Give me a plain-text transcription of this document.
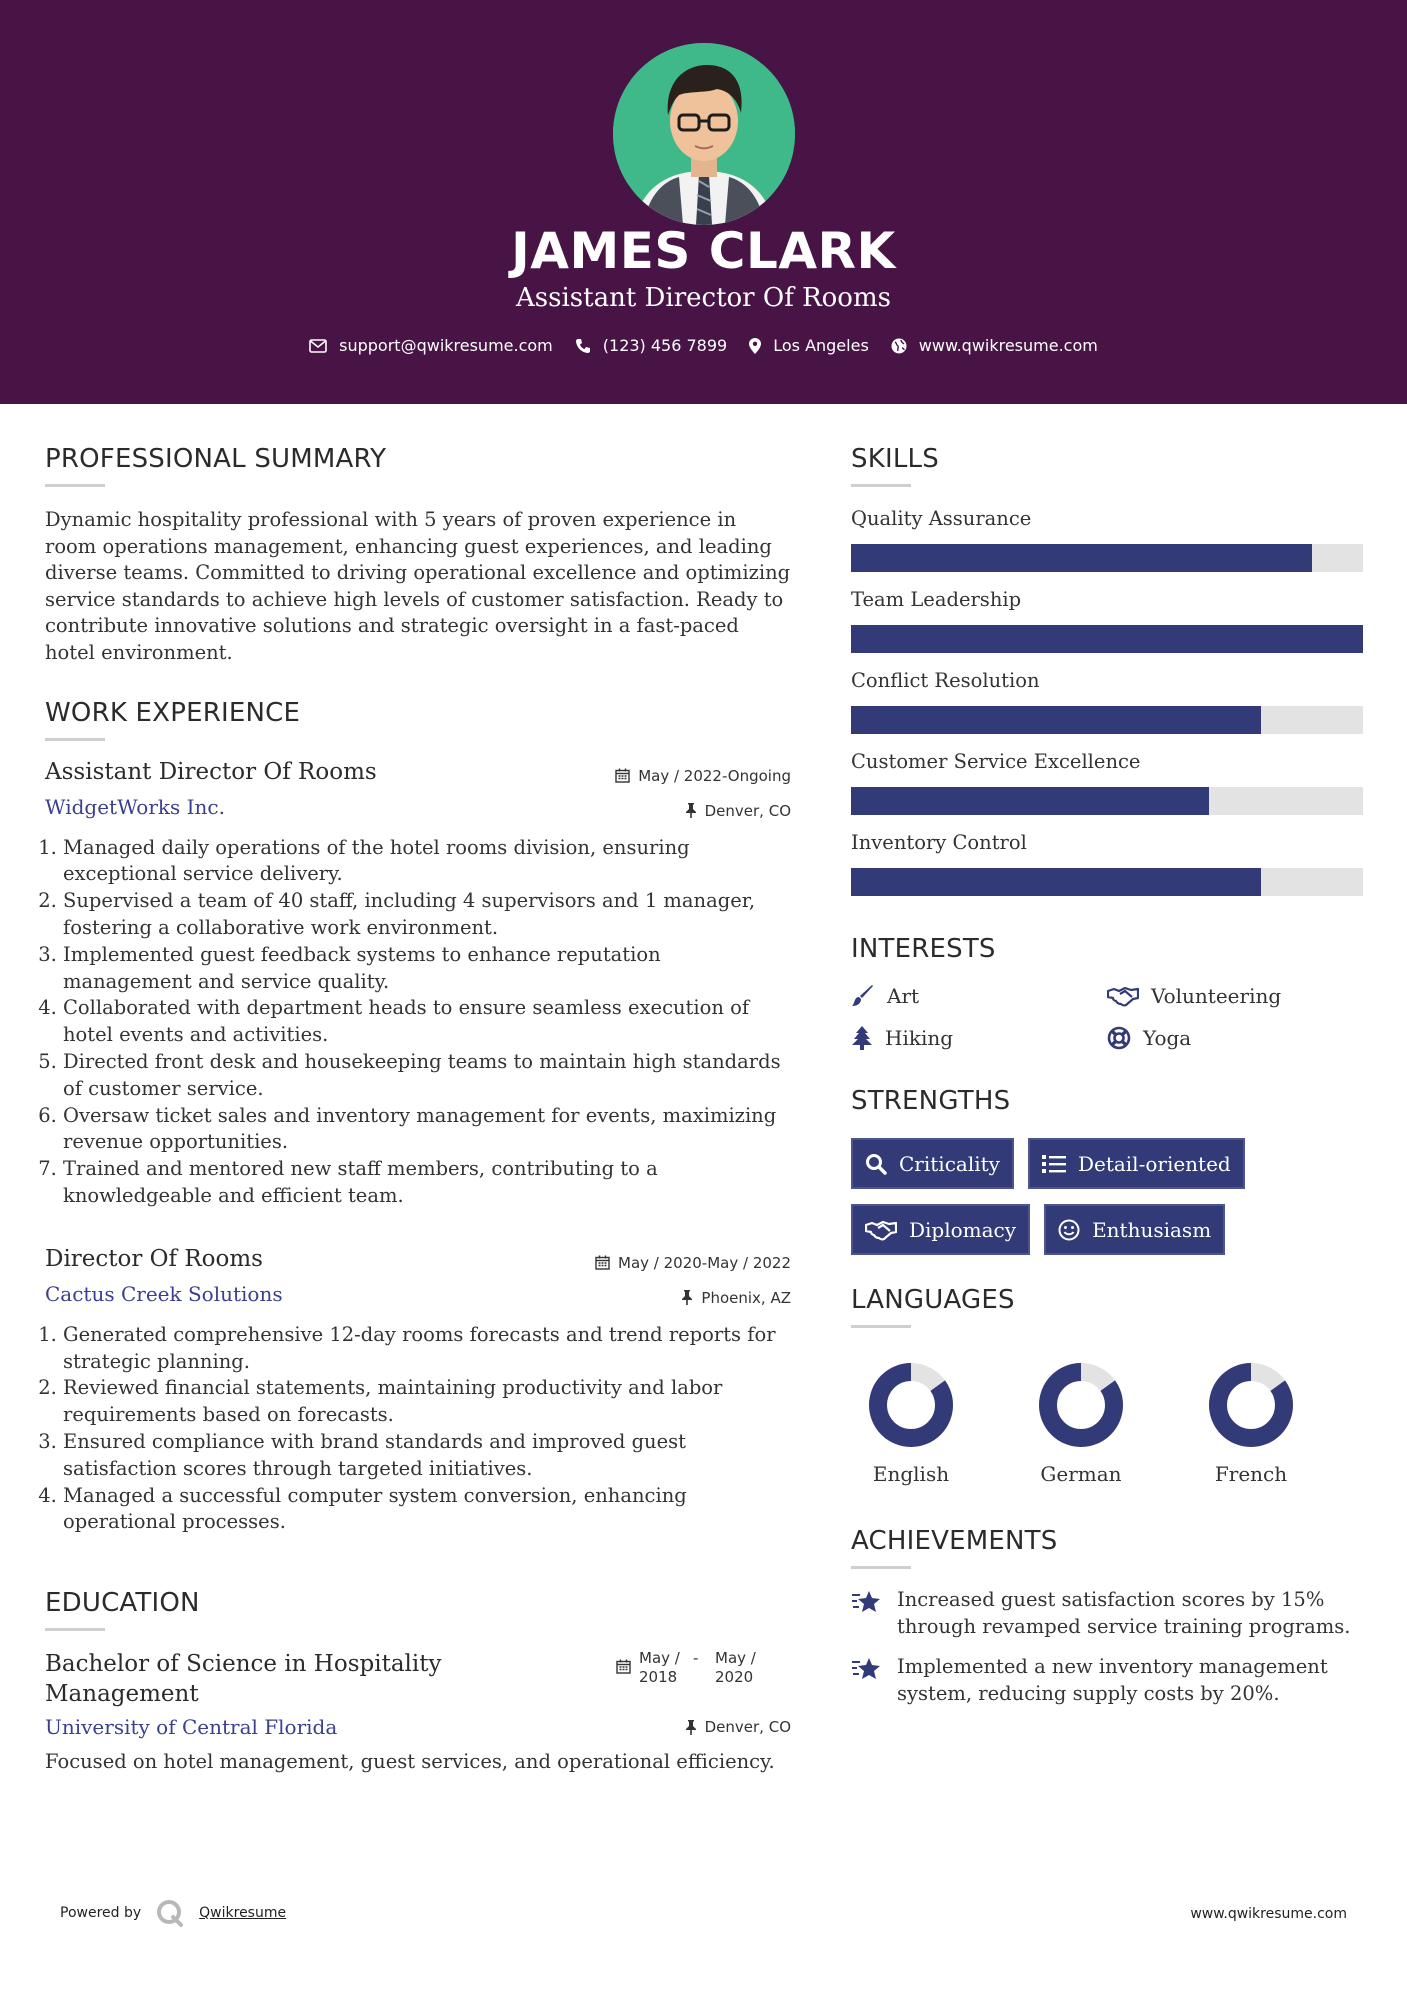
JAMES CLARK
Assistant Director Of Rooms
support@qwikresume.com	(123) 456 7899	Los Angeles	www.qwikresume.com
PROFESSIONAL SUMMARY

Dynamic hospitality professional with 5 years of proven experience in room operations management, enhancing guest experiences, and leading diverse teams. Committed to driving operational excellence and optimizing service standards to achieve high levels of customer satisfaction. Ready to contribute innovative solutions and strategic oversight in a fast-paced hotel environment.

WORK EXPERIENCE
Assistant Director Of Rooms	May / 2022-Ongoing
WidgetWorks Inc.	Denver, CO
1. Managed daily operations of the hotel rooms division, ensuring exceptional service delivery.
2. Supervised a team of 40 staff, including 4 supervisors and 1 manager, fostering a collaborative work environment.
3. Implemented guest feedback systems to enhance reputation management and service quality.
4. Collaborated with department heads to ensure seamless execution of hotel events and activities.
5. Directed front desk and housekeeping teams to maintain high standards of customer service.
6. Oversaw ticket sales and inventory management for events, maximizing revenue opportunities.
7. Trained and mentored new staff members, contributing to a knowledgeable and efficient team.
Director Of Rooms	May / 2020-May / 2022
Cactus Creek Solutions	Phoenix, AZ
1. Generated comprehensive 12-day rooms forecasts and trend reports for strategic planning.
2. Reviewed financial statements, maintaining productivity and labor requirements based on forecasts.
3. Ensured compliance with brand standards and improved guest satisfaction scores through targeted initiatives.
4. Managed a successful computer system conversion, enhancing operational processes.
EDUCATION
Bachelor of Science in Hospitality Management
May / 2018
-	May / 2020
University of Central Florida	Denver, CO

Focused on hotel management, guest services, and operational efficiency.

SKILLS
Quality Assurance
Team Leadership
Conflict Resolution
Customer Service Excellence
Inventory Control
INTERESTS
Art	Volunteering
Hiking	Yoga
STRENGTHS
Criticality	Detail-oriented
Diplomacy	Enthusiasm
LANGUAGES
English	German	French
ACHIEVEMENTS
Increased guest satisfaction scores by 15% through revamped service training programs.
Implemented a new inventory management system, reducing supply costs by 20%.
Powered by	Qwikresume	www.qwikresume.com
